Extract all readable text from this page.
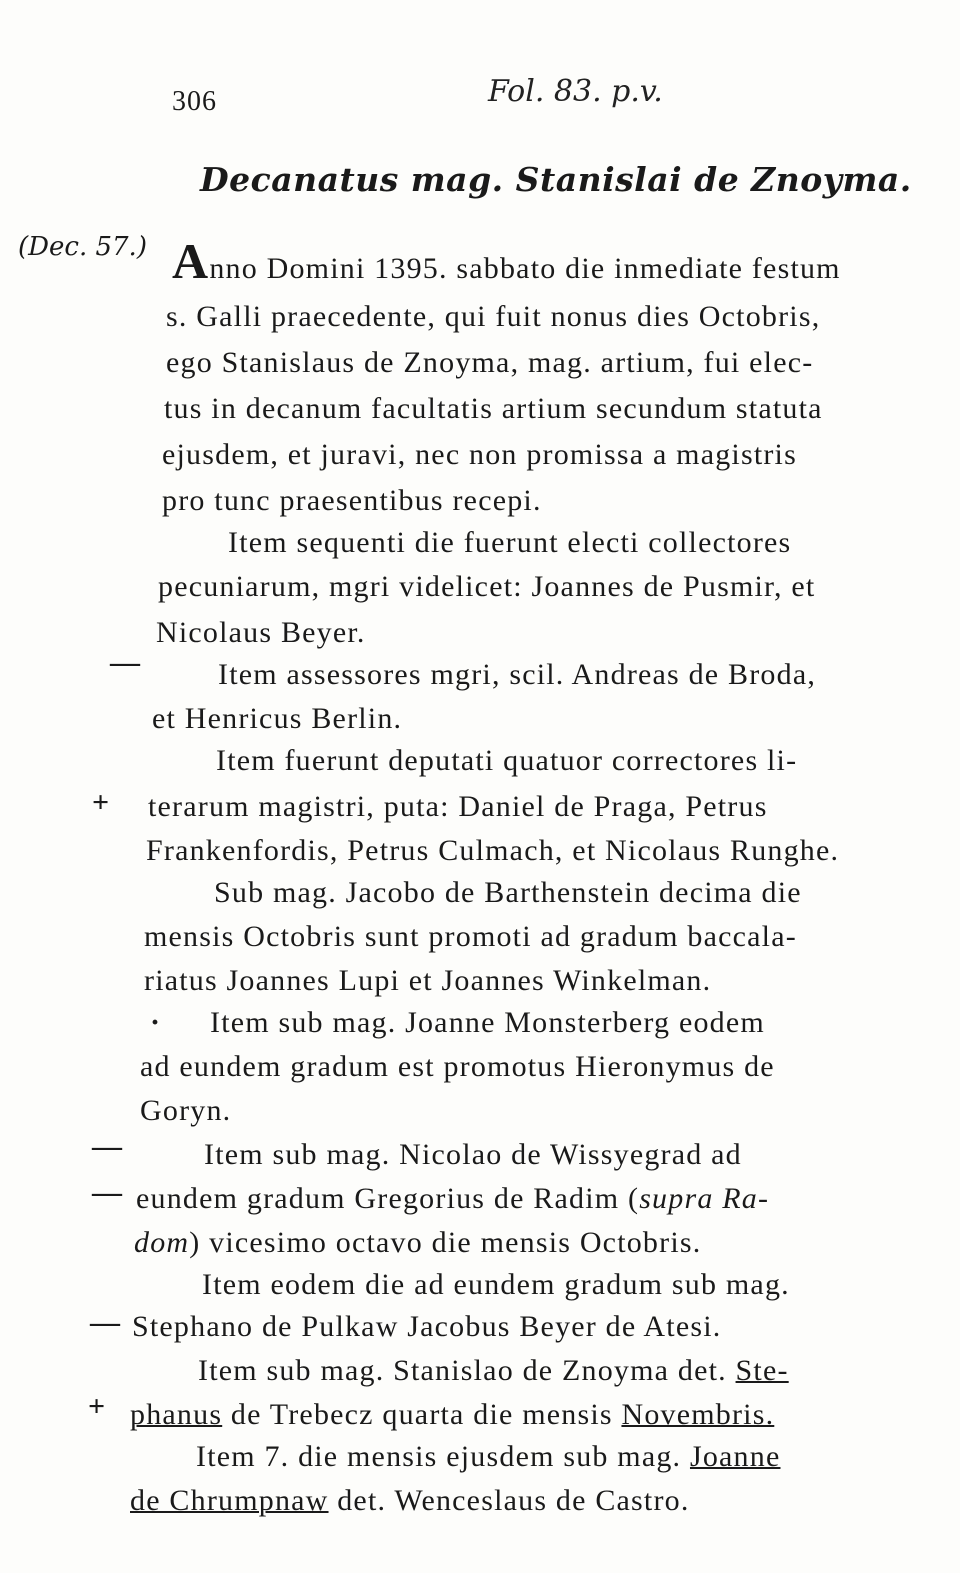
306	Fol. 83. p.v.
Decanatus mag. Stanislai de Znoyma.
(Dec. 57.) Anno Domini 1395. sabbato die inmediate festum
s. Galli praecedente, qui fuit nonus dies Octobris,
ego Stanislaus de Znoyma, mag. artium, fui elec-
tus in decanum facultatis artium secundum statuta
ejusdem, et juravi, nec non promissa a magistris
pro tunc praesentibus recepi.
Item sequenti die fuerunt electi collectores
pecuniarum, mgri videlicet: Joannes de Pusmir, et
Nicolaus Beyer.
—	Item assessores mgri, scil. Andreas de Broda,
et Henricus Berlin.
Item fuerunt deputati quatuor correctores li-
+ terarum magistri, puta: Daniel de Praga, Petrus
Frankenfordis, Petrus Culmach, et Nicolaus Runghe.
Sub mag. Jacobo de Barthenstein decima die
mensis Octobris sunt promoti ad gradum baccala-
riatus Joannes Lupi et Joannes Winkelman.
· Item sub mag. Joanne Monsterberg eodem
ad eundem gradum est promotus Hieronymus de
Goryn.
—	Item sub mag. Nicolao de Wissyegrad ad
— eundem gradum Gregorius de Radim (supra Ra-
dom) vicesimo octavo die mensis Octobris.
Item eodem die ad eundem gradum sub mag.
— Stephano de Pulkaw Jacobus Beyer de Atesi.
Item sub mag. Stanislao de Znoyma det. Ste-
+ phanus de Trebecz quarta die mensis Novembris.
Item 7. die mensis ejusdem sub mag. Joanne
de Chrumpnaw det. Wenceslaus de Castro.
